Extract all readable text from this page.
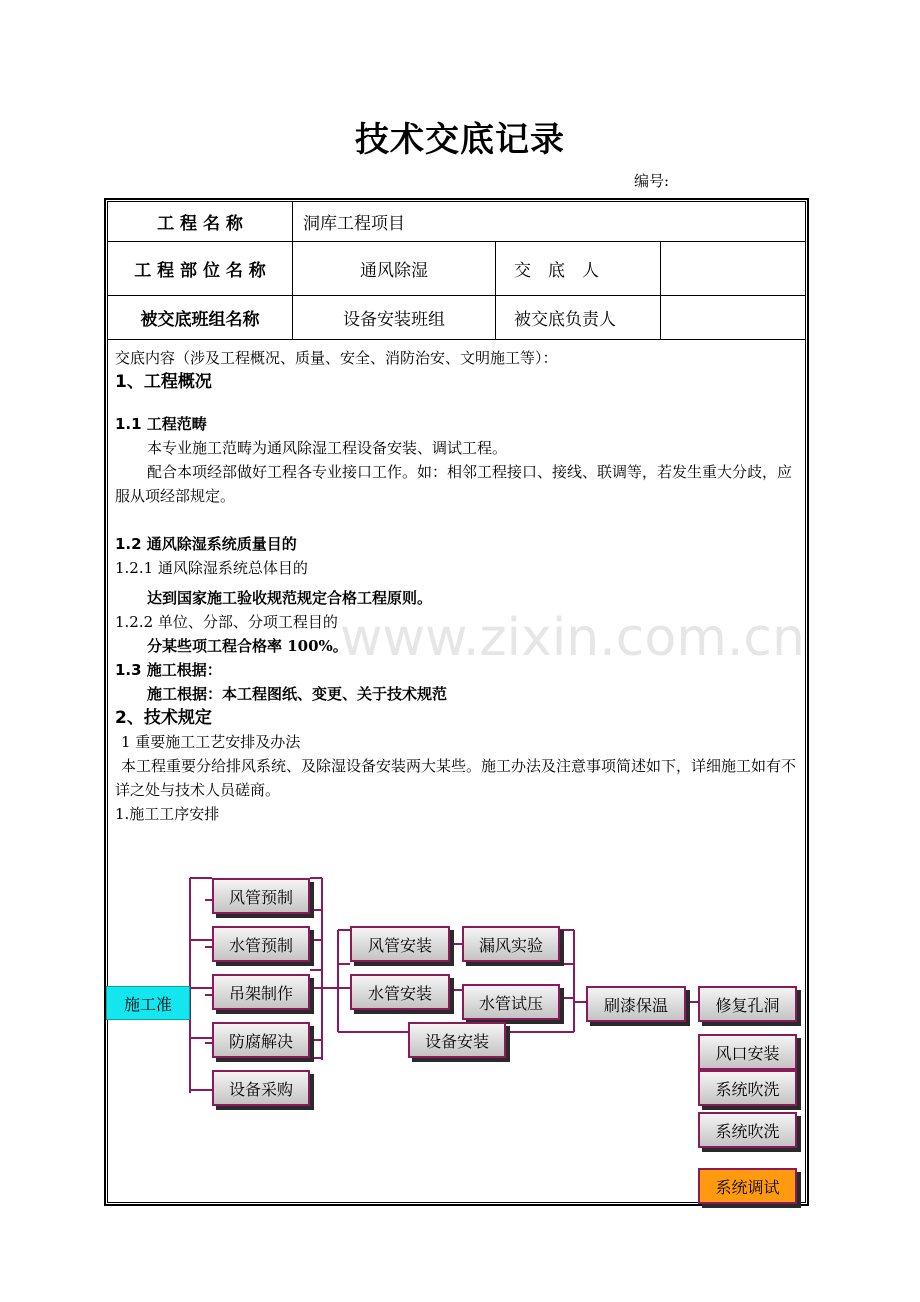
技术交底记录
编号:
工 程 名 称	洞库工程项目		
工 程 部 位 名 称	通风除湿	交　底　人	
被交底班组名称	设备安装班组	被交底负责人	

交底内容（涉及工程概况、质量、安全、消防治安、文明施工等）：

1、工程概况

1.1 工程范畴

本专业施工范畴为通风除湿工程设备安装、调试工程。

配合本项经部做好工程各专业接口工作。如：相邻工程接口、接线、联调等，若发生重大分歧，应服从项经部规定。

1.2 通风除湿系统质量目的

1.2.1 通风除湿系统总体目的

达到国家施工验收规范规定合格工程原则。

1.2.2 单位、分部、分项工程目的

分某些项工程合格率 100%。

1.3 施工根据：

施工根据：本工程图纸、变更、关于技术规范

2、技术规定

1 重要施工工艺安排及办法

本工程重要分给排风系统、及除湿设备安装两大某些。施工办法及注意事项简述如下，详细施工如有不详之处与技术人员磋商。

1.施工工序安排

www.zixin.com.cn
施工准
风管预制
水管预制
吊架制作
防腐解决
设备采购
风管安装	漏风实验
水管安装
水管试压
设备安装
刷漆保温	修复孔洞
风口安装
系统吹洗
系统吹洗
系统调试
